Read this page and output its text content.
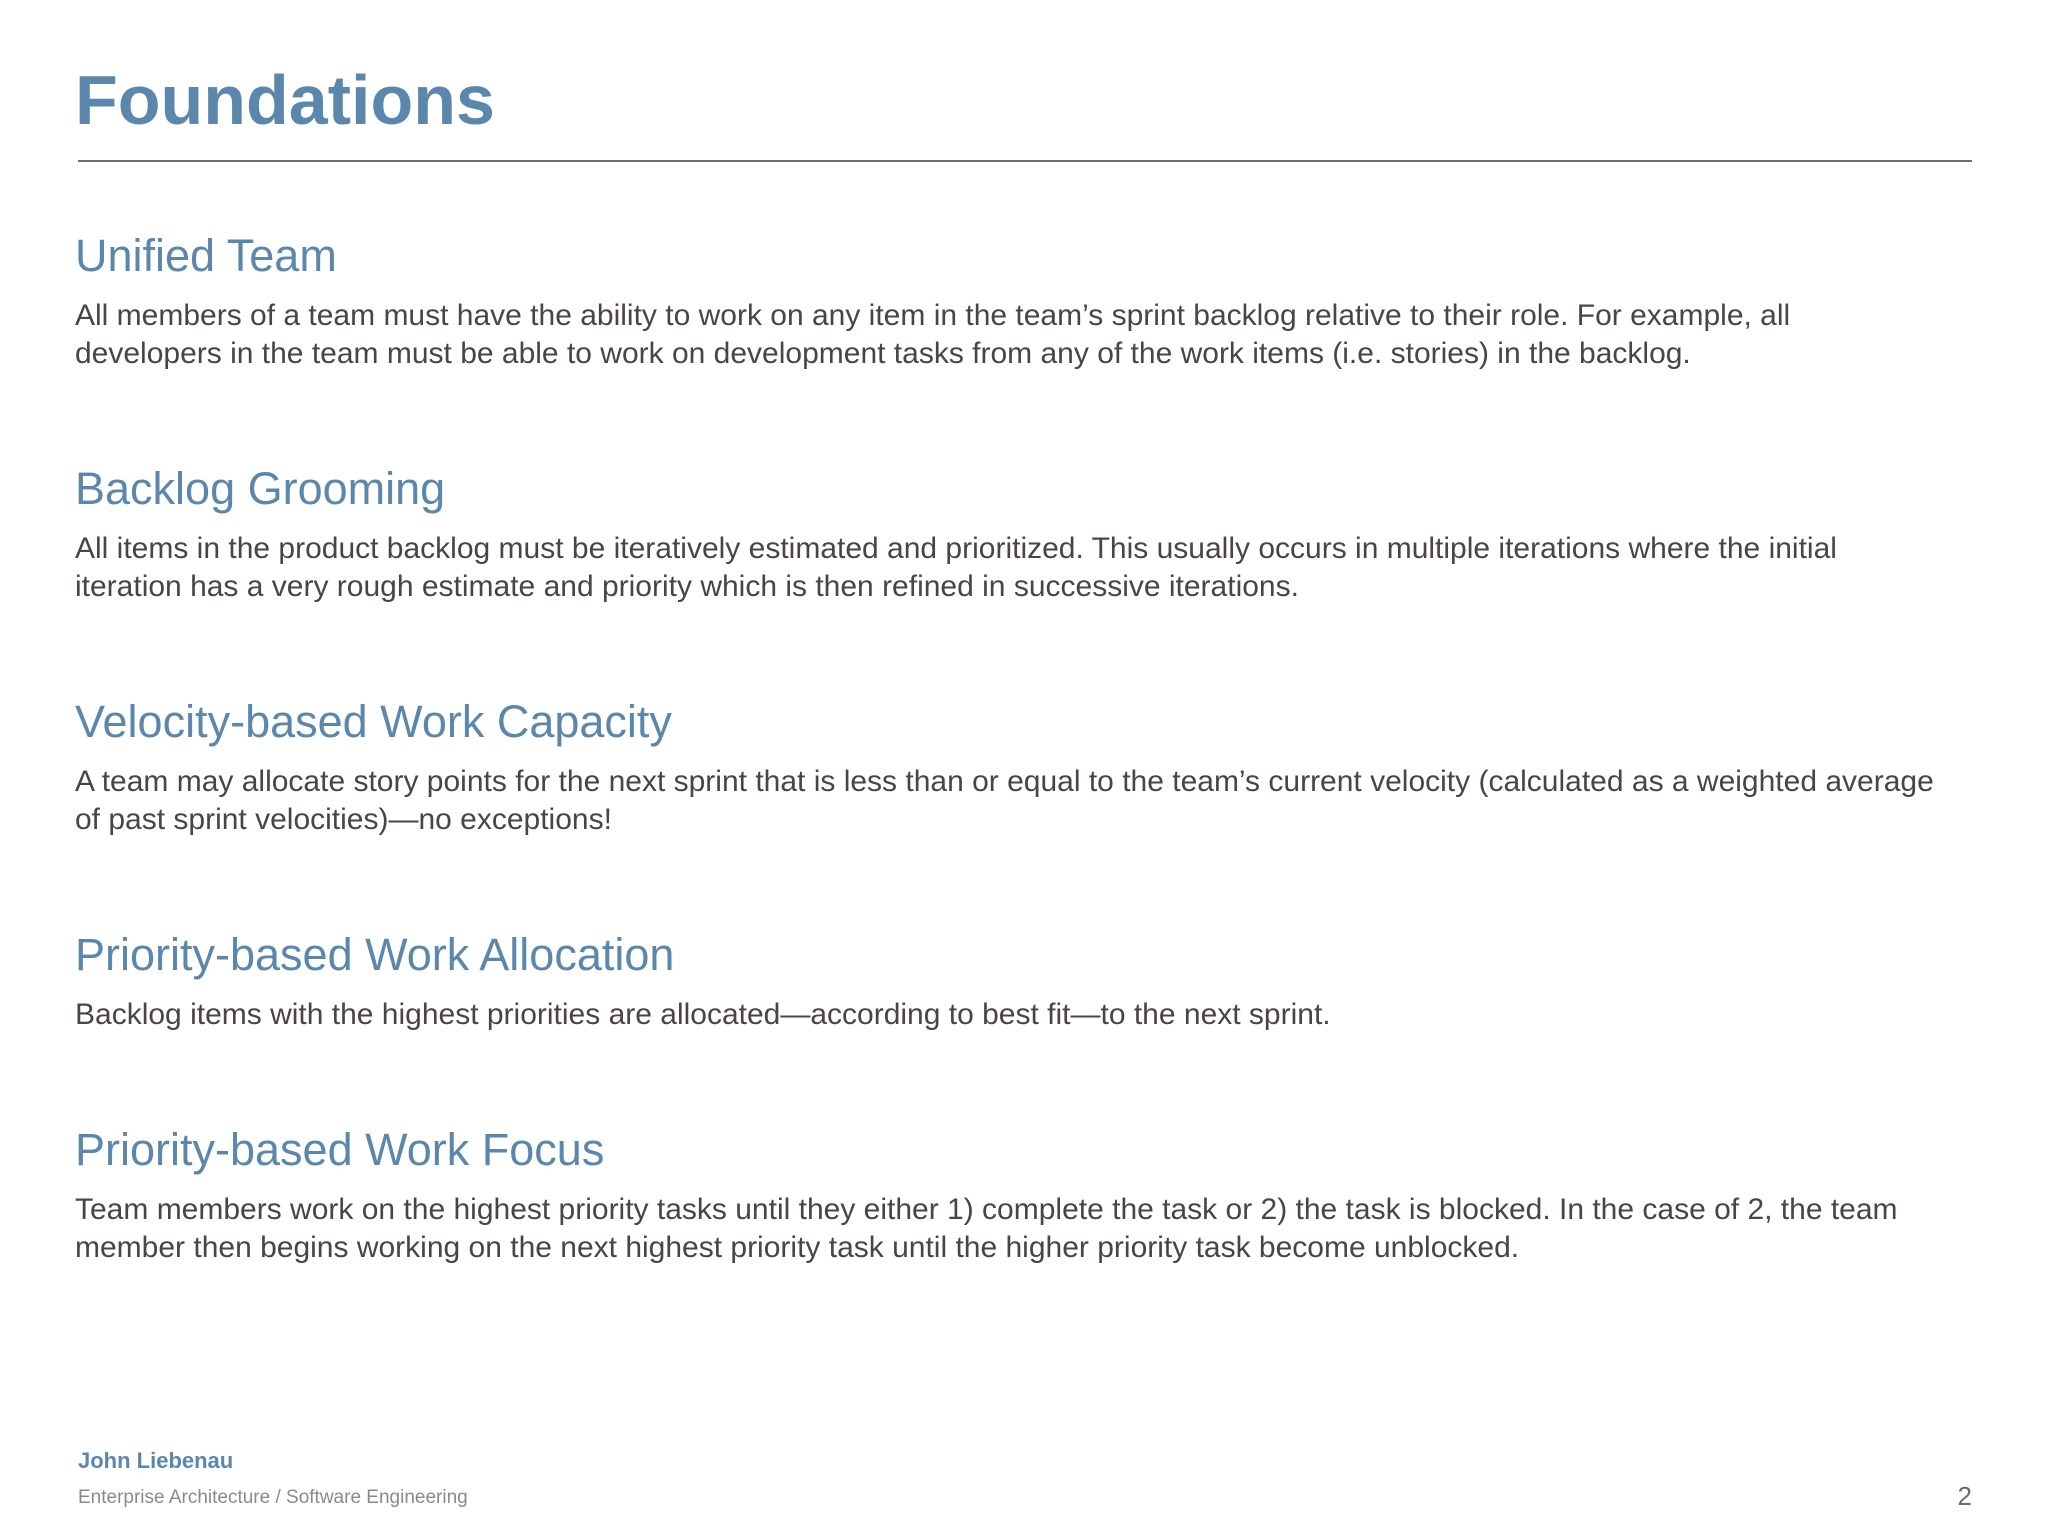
Foundations
Unified Team

All members of a team must have the ability to work on any item in the team’s sprint backlog relative to their role. For example, all developers in the team must be able to work on development tasks from any of the work items (i.e. stories) in the backlog.

Backlog Grooming

All items in the product backlog must be iteratively estimated and prioritized. This usually occurs in multiple iterations where the initial iteration has a very rough estimate and priority which is then refined in successive iterations.

Velocity-based Work Capacity

A team may allocate story points for the next sprint that is less than or equal to the team’s current velocity (calculated as a weighted average of past sprint velocities)—no exceptions!

Priority-based Work Allocation

Backlog items with the highest priorities are allocated—according to best fit—to the next sprint.

Priority-based Work Focus

Team members work on the highest priority tasks until they either 1) complete the task or 2) the task is blocked. In the case of 2, the team member then begins working on the next highest priority task until the higher priority task become unblocked.

John Liebenau
Enterprise Architecture / Software Engineering	2
